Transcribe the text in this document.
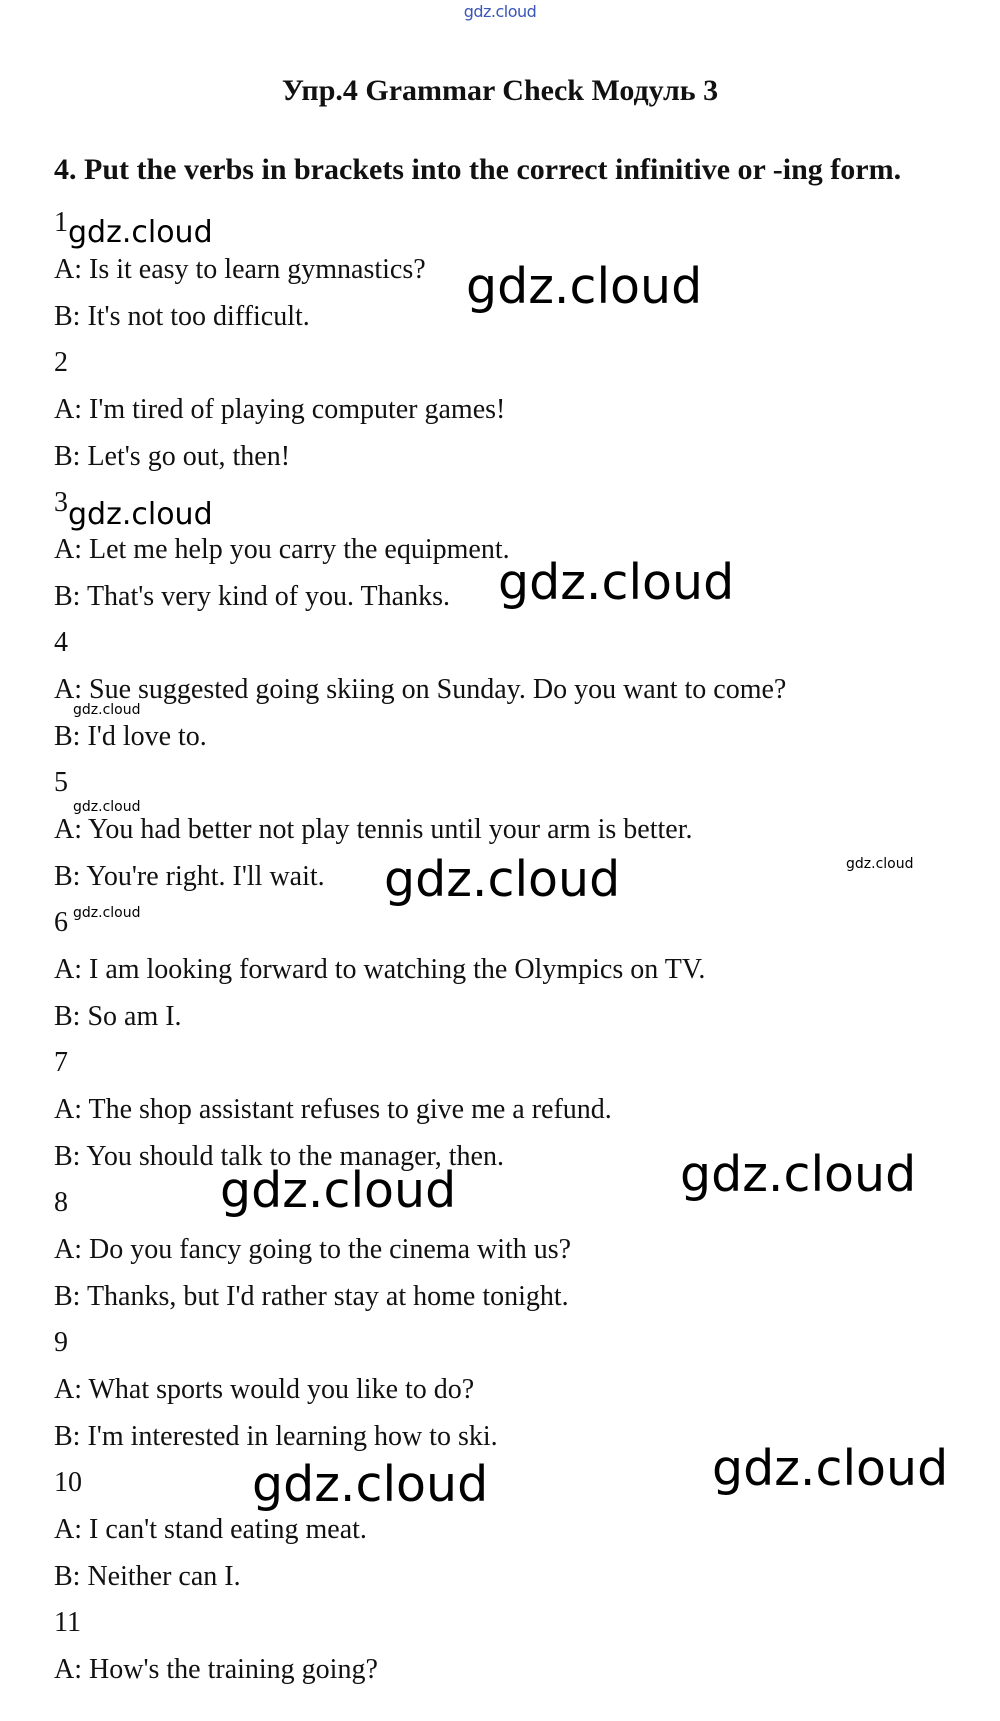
gdz.cloud
Упр.4 Grammar Check Модуль 3
4. Put the verbs in brackets into the correct infinitive or -ing form.
1
A: Is it easy to learn gymnastics?
B: It's not too difficult.
2
A: I'm tired of playing computer games!
B: Let's go out, then!
3
A: Let me help you carry the equipment.
B: That's very kind of you. Thanks.
4
A: Sue suggested going skiing on Sunday. Do you want to come?
B: I'd love to.
5
A: You had better not play tennis until your arm is better.
B: You're right. I'll wait.
6
A: I am looking forward to watching the Olympics on TV.
B: So am I.
7
A: The shop assistant refuses to give me a refund.
B: You should talk to the manager, then.
8
A: Do you fancy going to the cinema with us?
B: Thanks, but I'd rather stay at home tonight.
9
A: What sports would you like to do?
B: I'm interested in learning how to ski.
10
A: I can't stand eating meat.
B: Neither can I.
11
A: How's the training going?
gdz.cloud
gdz.cloud
gdz.cloud
gdz.cloud
gdz.cloud
gdz.cloud
gdz.cloud	gdz.cloud
gdz.cloud
gdz.cloud
gdz.cloud
gdz.cloud
gdz.cloud
